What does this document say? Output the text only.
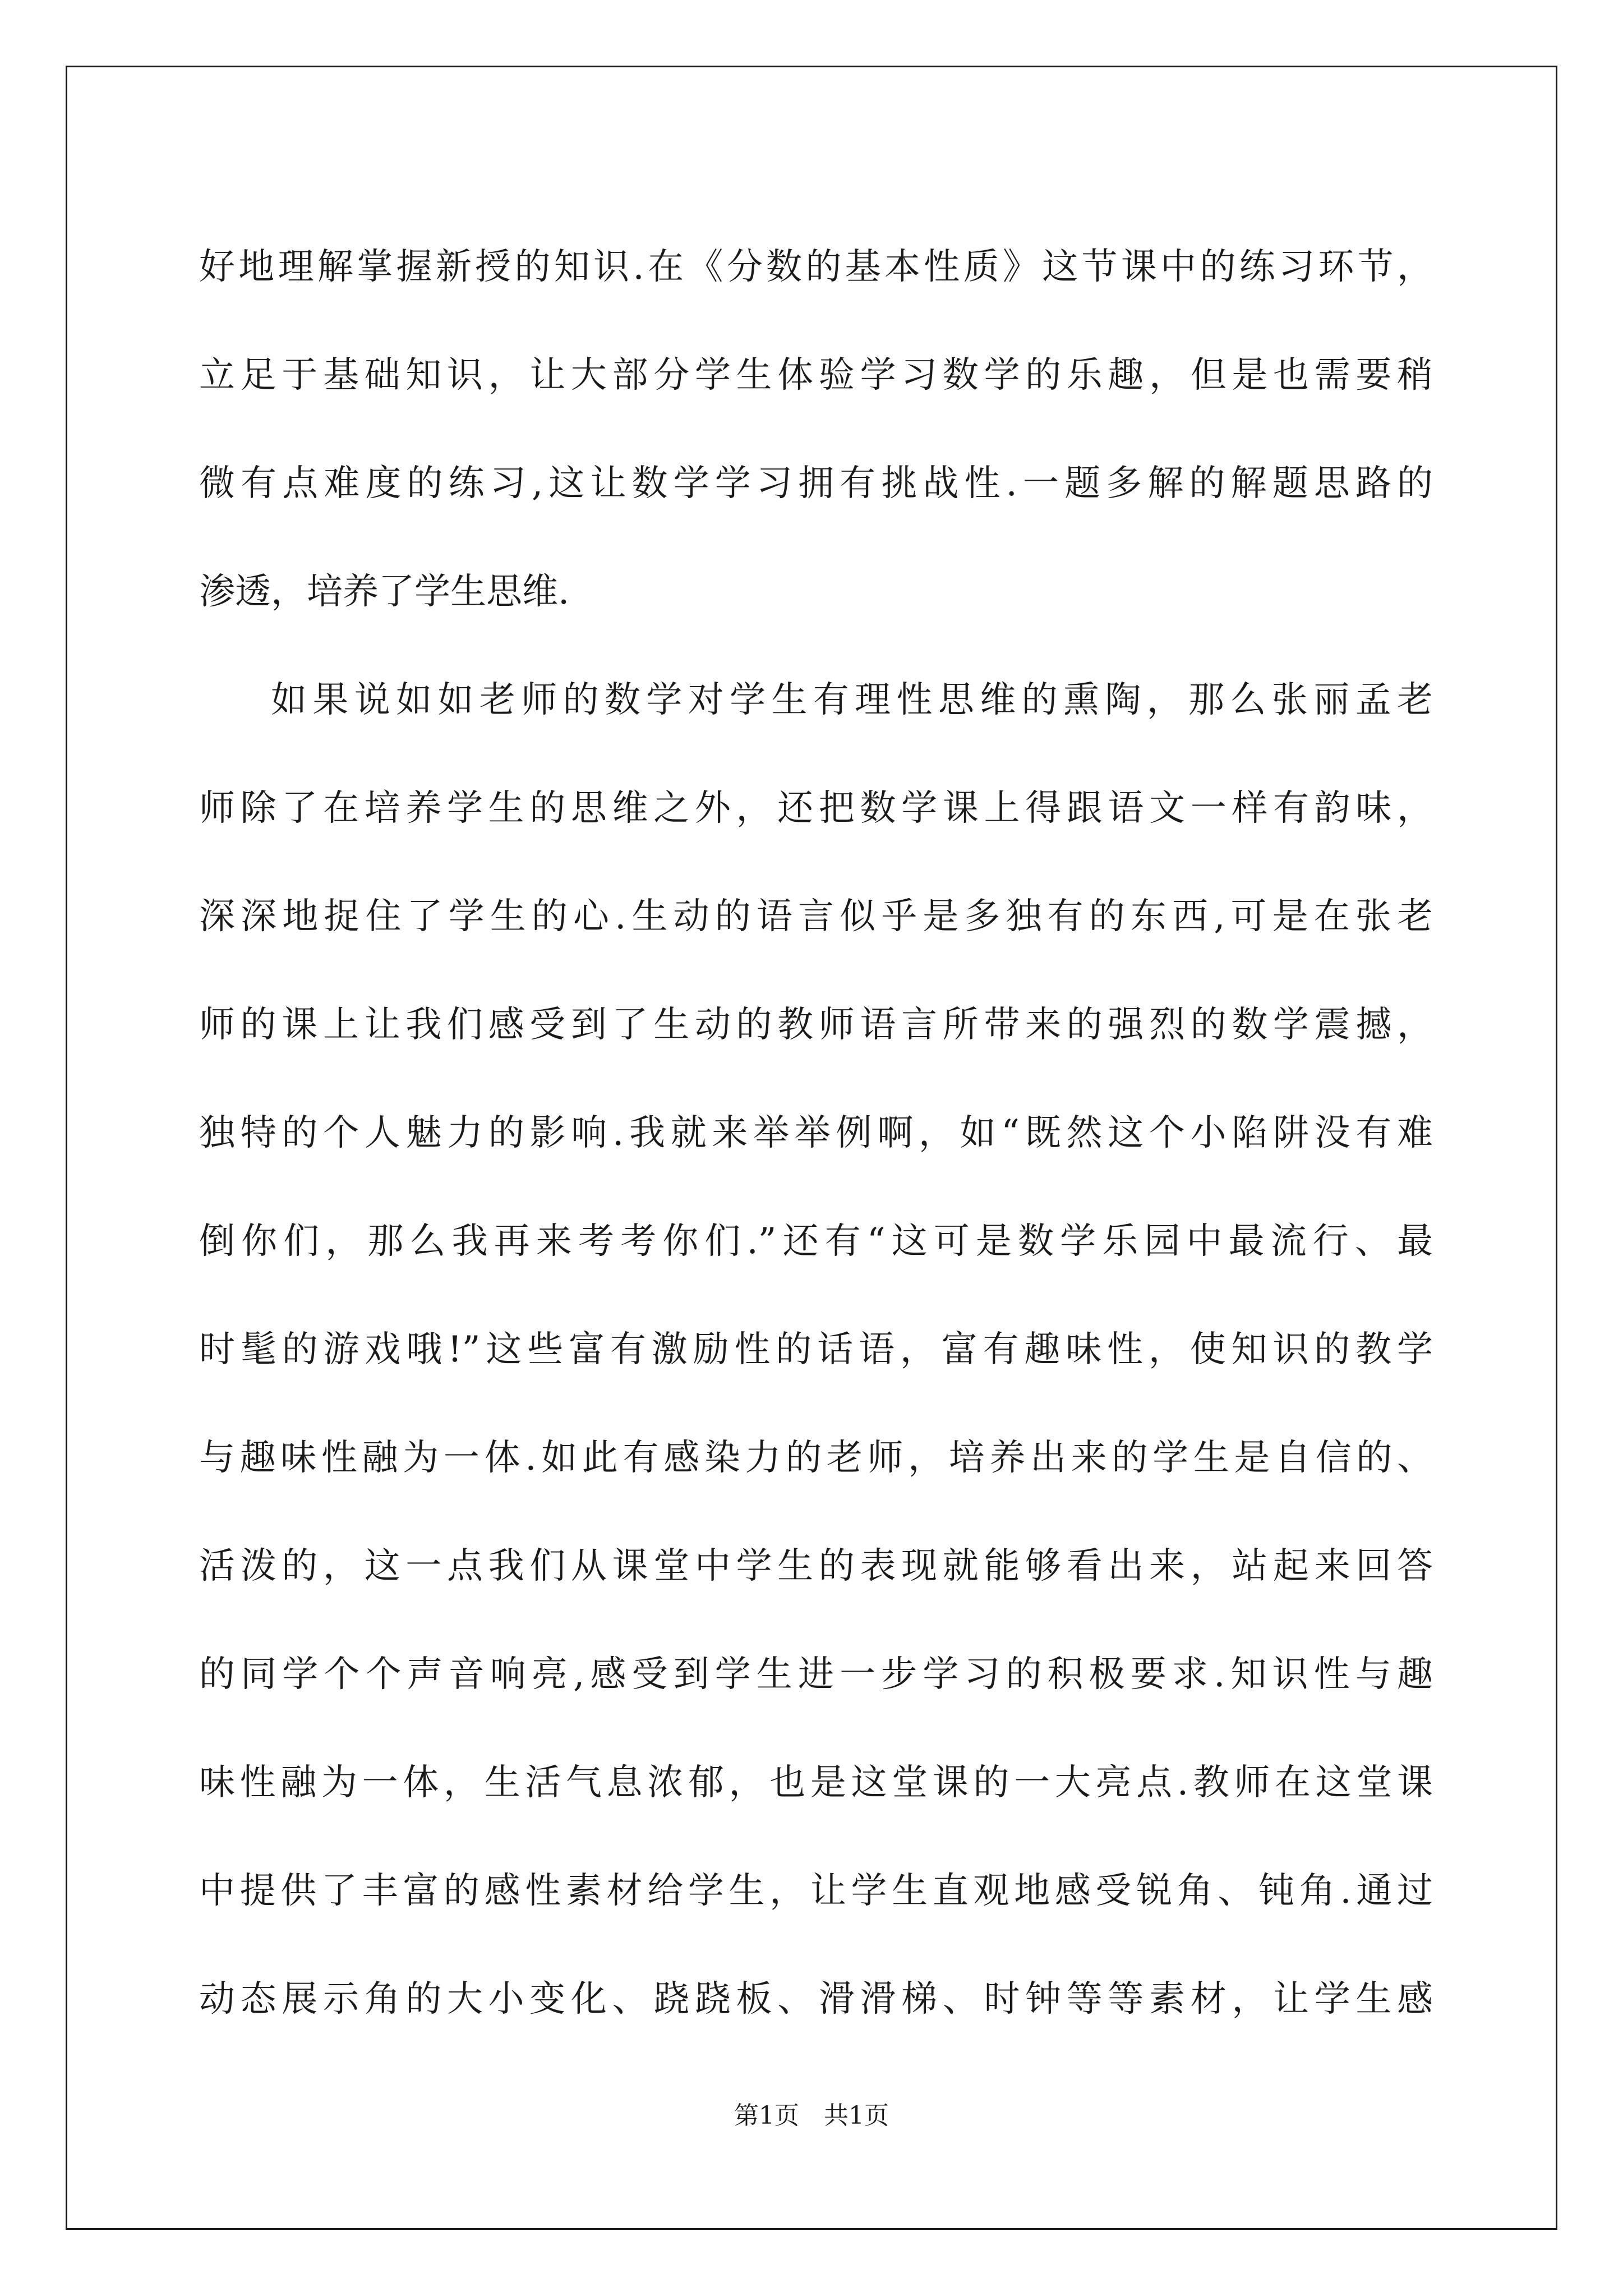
好地理解掌握新授的知识.在《分数的基本性质》这节课中的练习环节，
立足于基础知识，让大部分学生体验学习数学的乐趣，但是也需要稍
微有点难度的练习,这让数学学习拥有挑战性.一题多解的解题思路的
渗透，培养了学生思维.
如果说如如老师的数学对学生有理性思维的熏陶，那么张丽孟老
师除了在培养学生的思维之外，还把数学课上得跟语文一样有韵味，
深深地捉住了学生的心.生动的语言似乎是多独有的东西,可是在张老
师的课上让我们感受到了生动的教师语言所带来的强烈的数学震撼，
独特的个人魅力的影响.我就来举举例啊，如“既然这个小陷阱没有难
倒你们，那么我再来考考你们.”还有“这可是数学乐园中最流行、最
时髦的游戏哦!”这些富有激励性的话语，富有趣味性，使知识的教学
与趣味性融为一体.如此有感染力的老师，培养出来的学生是自信的、
活泼的，这一点我们从课堂中学生的表现就能够看出来，站起来回答
的同学个个声音响亮,感受到学生进一步学习的积极要求.知识性与趣
味性融为一体，生活气息浓郁，也是这堂课的一大亮点.教师在这堂课
中提供了丰富的感性素材给学生，让学生直观地感受锐角、钝角.通过
动态展示角的大小变化、跷跷板、滑滑梯、时钟等等素材，让学生感
第1页　共1页
